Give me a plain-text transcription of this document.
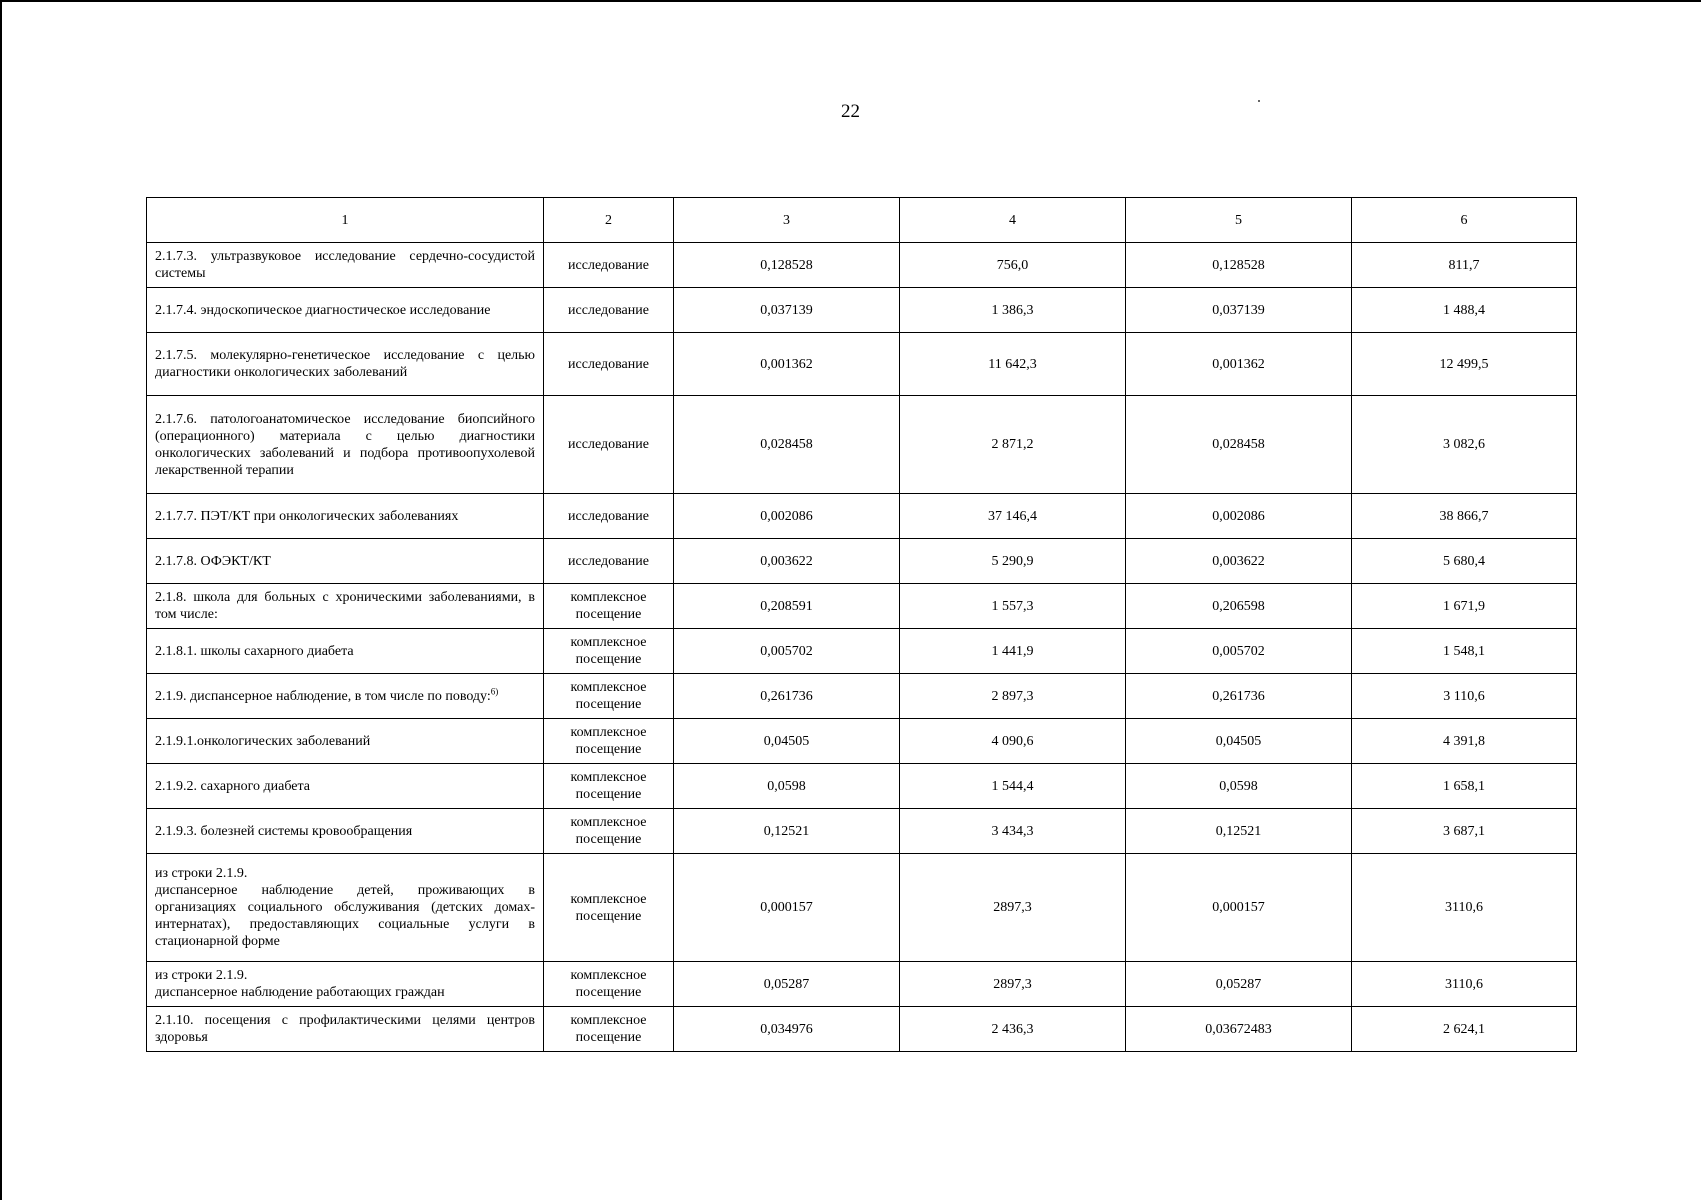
22
1	2	3	4	5	6
2.1.7.3. ультразвуковое исследование сердечно-сосудистой системы	исследование	0,128528	756,0	0,128528	811,7
2.1.7.4. эндоскопическое диагностическое исследование	исследование	0,037139	1 386,3	0,037139	1 488,4
2.1.7.5. молекулярно-генетическое исследование с целью диагностики онкологических заболеваний	исследование	0,001362	11 642,3	0,001362	12 499,5
2.1.7.6. патологоанатомическое исследование биопсийного (операционного) материала с целью диагностики онкологических заболеваний и подбора противоопухолевой лекарственной терапии	исследование	0,028458	2 871,2	0,028458	3 082,6
2.1.7.7. ПЭТ/КТ при онкологических заболеваниях	исследование	0,002086	37 146,4	0,002086	38 866,7
2.1.7.8. ОФЭКТ/КТ	исследование	0,003622	5 290,9	0,003622	5 680,4
2.1.8. школа для больных с хроническими заболеваниями, в том числе:	комплексное посещение	0,208591	1 557,3	0,206598	1 671,9
2.1.8.1. школы сахарного диабета	комплексное посещение	0,005702	1 441,9	0,005702	1 548,1
2.1.9. диспансерное наблюдение, в том числе по поводу:$^{6)}$	комплексное посещение	0,261736	2 897,3	0,261736	3 110,6
2.1.9.1.онкологических заболеваний	комплексное посещение	0,04505	4 090,6	0,04505	4 391,8
2.1.9.2. сахарного диабета	комплексное посещение	0,0598	1 544,4	0,0598	1 658,1
2.1.9.3. болезней системы кровообращения	комплексное посещение	0,12521	3 434,3	0,12521	3 687,1

из строки 2.1.9.
диспансерное наблюдение детей, проживающих в организациях социального обслуживания (детских домах-интернатах), предоставляющих социальные услуги в стационарной форме	комплексное посещение	0,000157	2897,3	0,000157	3110,6

из строки 2.1.9.
диспансерное наблюдение работающих граждан	комплексное посещение	0,05287	2897,3	0,05287	3110,6
2.1.10. посещения с профилактическими целями центров здоровья	комплексное посещение	0,034976	2 436,3	0,03672483	2 624,1
